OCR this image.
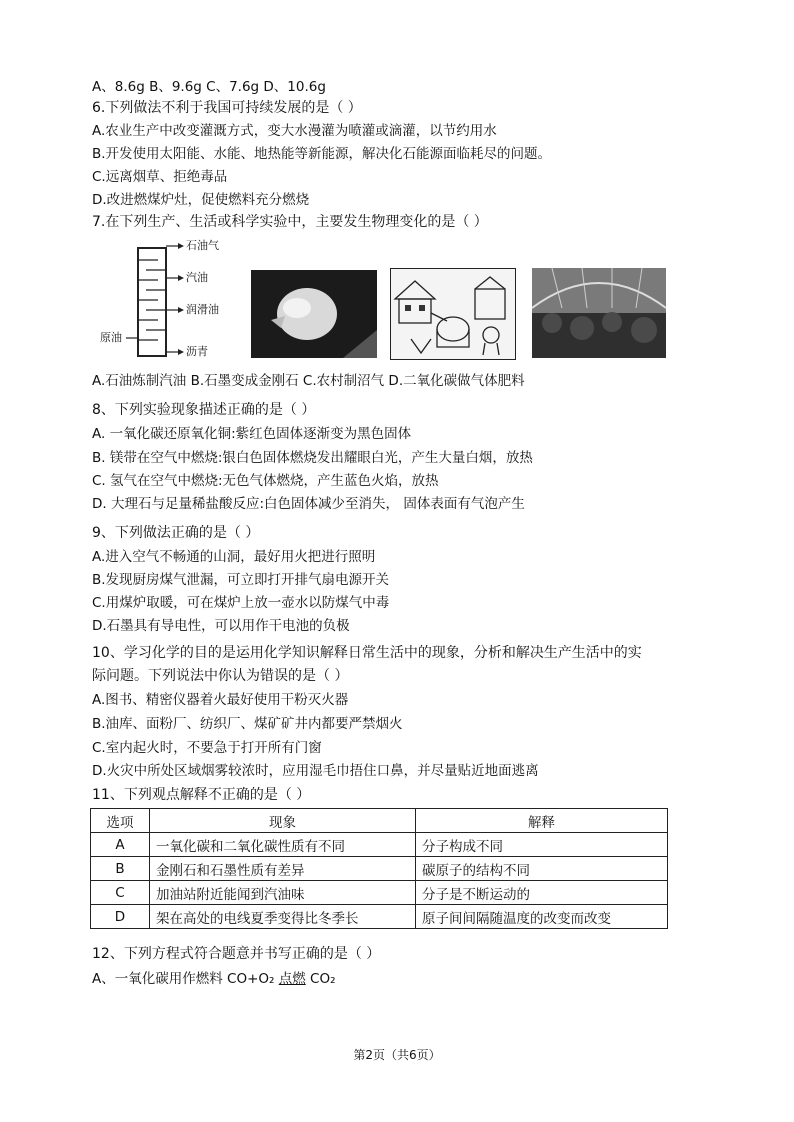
A、8.6g B、9.6g C、7.6g D、10.6g
6.下列做法不利于我国可持续发展的是（ ）
A.农业生产中改变灌溉方式，变大水漫灌为喷灌或滴灌，以节约用水
B.开发使用太阳能、水能、地热能等新能源，解决化石能源面临耗尽的问题。
C.远离烟草、拒绝毒品
D.改进燃煤炉灶，促使燃料充分燃烧
7.在下列生产、生活或科学实验中，主要发生物理变化的是（ ）
石油气
汽油
润滑油
原油
沥青
A.石油炼制汽油 B.石墨变成金刚石 C.农村制沼气 D.二氧化碳做气体肥料
8、下列实验现象描述正确的是（ ）
A. 一氧化碳还原氧化铜:紫红色固体逐渐变为黑色固体
B. 镁带在空气中燃烧:银白色固体燃烧发出耀眼白光，产生大量白烟，放热
C. 氢气在空气中燃烧:无色气体燃烧，产生蓝色火焰，放热
D. 大理石与足量稀盐酸反应:白色固体减少至消失， 固体表面有气泡产生
9、下列做法正确的是（ ）
A.进入空气不畅通的山洞，最好用火把进行照明
B.发现厨房煤气泄漏，可立即打开排气扇电源开关
C.用煤炉取暖，可在煤炉上放一壶水以防煤气中毒
D.石墨具有导电性，可以用作干电池的负极
10、学习化学的目的是运用化学知识解释日常生活中的现象，分析和解决生产生活中的实
际问题。下列说法中你认为错误的是（ ）
A.图书、精密仪器着火最好使用干粉灭火器
B.油库、面粉厂、纺织厂、煤矿矿井内都要严禁烟火
C.室内起火时，不要急于打开所有门窗
D.火灾中所处区域烟雾较浓时，应用湿毛巾捂住口鼻，并尽量贴近地面逃离
11、下列观点解释不正确的是（ ）
选项	现象	解释
A	一氧化碳和二氧化碳性质有不同	分子构成不同
B	金刚石和石墨性质有差异	碳原子的结构不同
C	加油站附近能闻到汽油味	分子是不断运动的
D	架在高处的电线夏季变得比冬季长	原子间间隔随温度的改变而改变
12、下列方程式符合题意并书写正确的是（ ）
A、一氧化碳用作燃料 CO+O₂ 点燃 CO₂
第2页（共6页）
